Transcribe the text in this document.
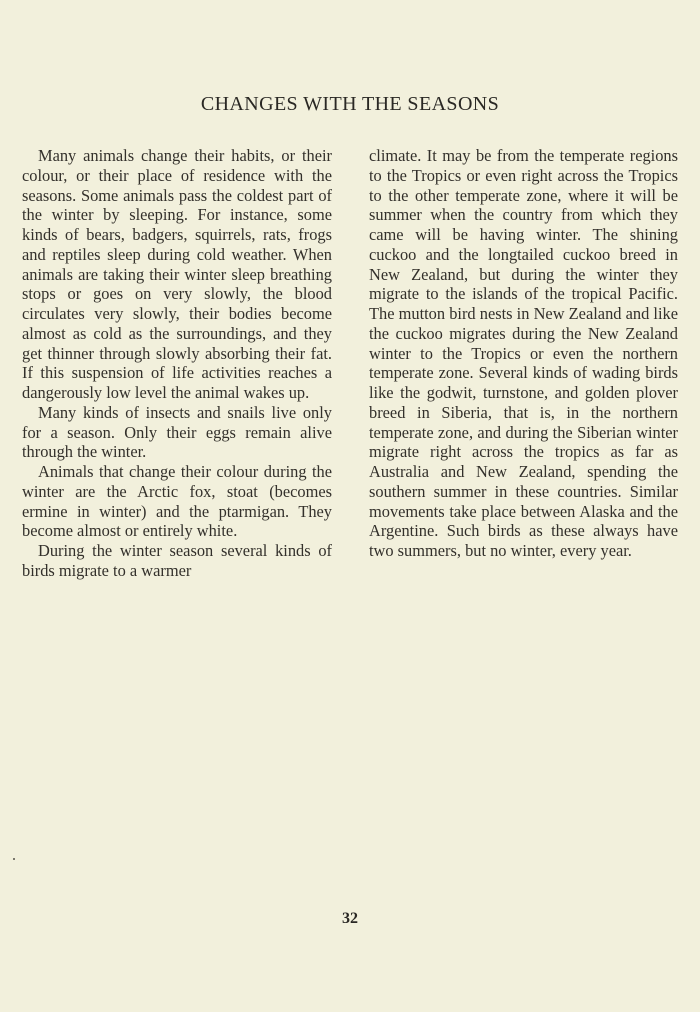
CHANGES WITH THE SEASONS

Many animals change their habits, or their colour, or their place of residence with the seasons. Some animals pass the coldest part of the winter by sleeping. For instance, some kinds of bears, badgers, squirrels, rats, frogs and reptiles sleep during cold weather. When animals are taking their winter sleep breathing stops or goes on very slowly, the blood circulates very slowly, their bodies become almost as cold as the surroundings, and they get thinner through slowly absorbing their fat. If this suspension of life activities reaches a dangerously low level the animal wakes up.

Many kinds of insects and snails live only for a season. Only their eggs remain alive through the winter.

Animals that change their colour during the winter are the Arctic fox, stoat (becomes ermine in winter) and the ptarmigan. They become almost or entirely white.

During the winter season several kinds of birds migrate to a warmer

climate. It may be from the temperate regions to the Tropics or even right across the Tropics to the other temperate zone, where it will be summer when the country from which they came will be having winter. The shining cuckoo and the longtailed cuckoo breed in New Zealand, but during the winter they migrate to the islands of the tropical Pacific. The mutton bird nests in New Zealand and like the cuckoo migrates during the New Zealand winter to the Tropics or even the northern temperate zone. Several kinds of wading birds like the godwit, turnstone, and golden plover breed in Siberia, that is, in the northern temperate zone, and during the Siberian winter migrate right across the tropics as far as Australia and New Zealand, spending the southern summer in these countries. Similar movements take place between Alaska and the Argentine. Such birds as these always have two summers, but no winter, every year.

32
